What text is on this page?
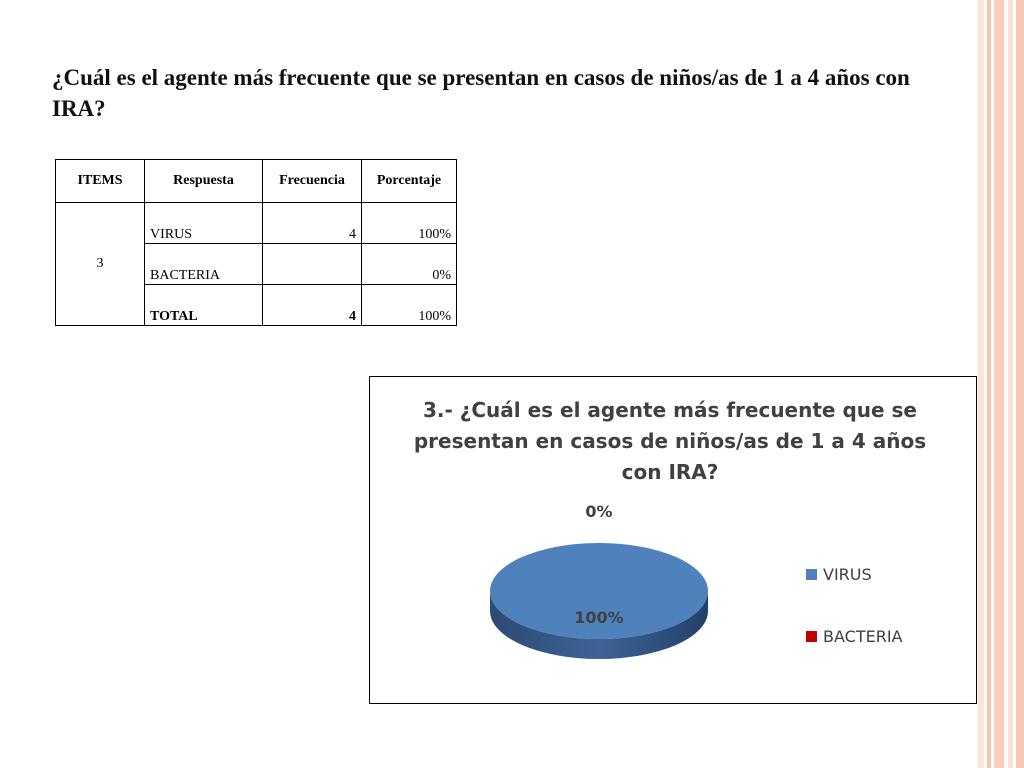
¿Cuál es el agente más frecuente que se presentan en casos de niños/as de 1 a 4 años con IRA?

ITEMS	Respuesta	Frecuencia	Porcentaje
3	VIRUS	4	100%
	BACTERIA		0%
	TOTAL	4	100%
3.- ¿Cuál es el agente más frecuente que se presentan en casos de niños/as de 1 a 4 años con IRA?
100%
0%
VIRUS
BACTERIA
